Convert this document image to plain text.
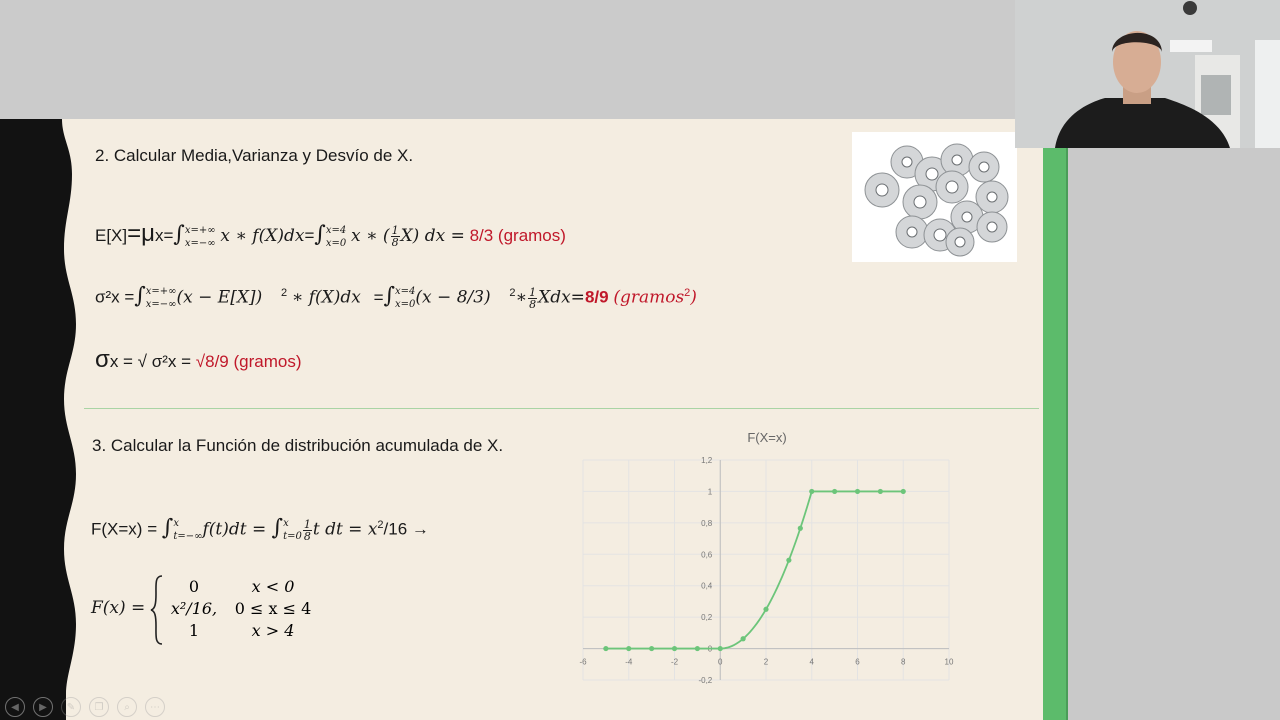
2. Calcular Media,Varianza y Desvío de X.
E[X]=μx=∫ x=+∞
x=−∞ x ∗ f(X)dx=∫ x=4
x=0 x ∗ ( $\frac{1}{8} X$) dx = 8/3 (gramos)
σ²x =∫ x=+∞
x=−∞ (x − E[X]) $^2$ ∗ f(X)dx =∫ x=4
x=0 (x − 8/3) $^2$∗ $\frac{1}{8} Xdx=8/9$ (gramos$^2$)
σx = √ σ²x = √8/9 (gramos)
3. Calcular la Función de distribución acumulada de X.
F(X=x) = ∫ x
t=−∞ f(t)dt = ∫ x
$t=0 \frac{1}{8}$ t dt = $x^2/16$ →
F(x) =
0	x < 0
x²/16,	0 ≤ x ≤ 4
1	x > 4
F(X=x)
-6	-4	-2	0	2	4	6	8	10
-0,2
0
0,2
0,4
0,6
0,8
1
1,2
◀	▶	✎	❐	⌕	⋯
